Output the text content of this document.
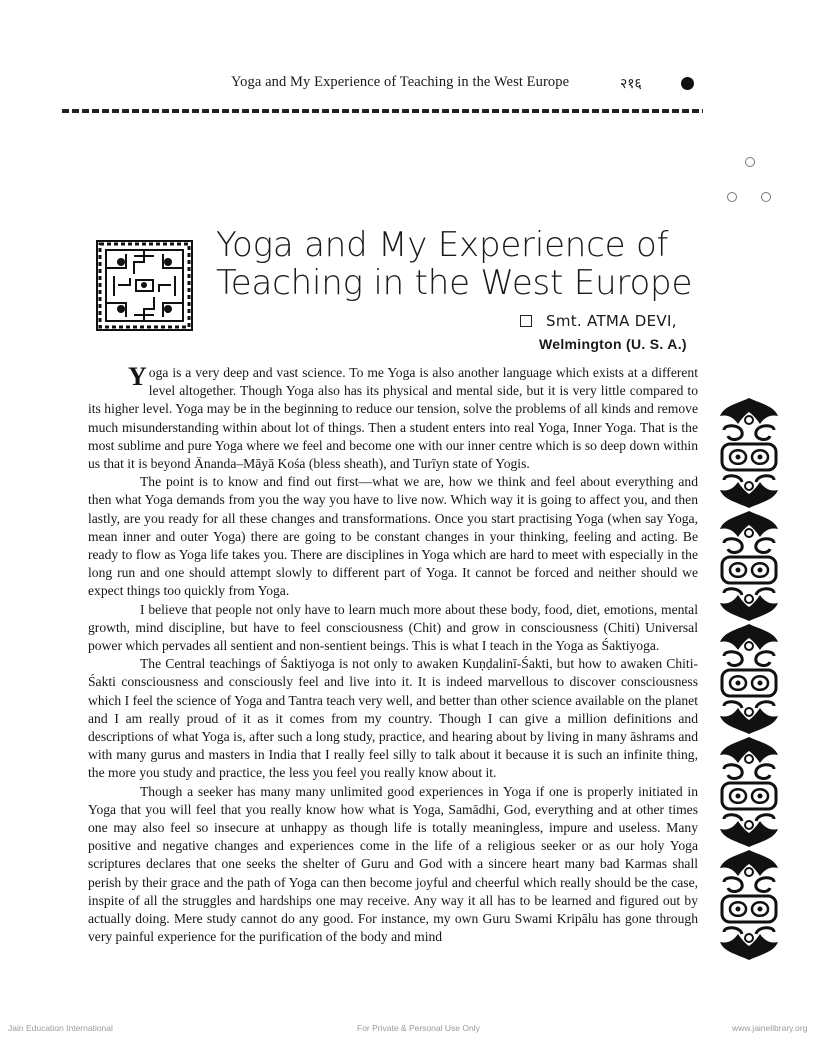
Yoga and My Experience of Teaching in the West Europe	२१६
Yoga and My Experience of
Teaching in the West Europe
Smt. ATMA DEVI,
Welmington (U. S. A.)

Yoga is a very deep and vast science. To me Yoga is also another language which exists at a different level altogether. Though Yoga also has its physical and mental side, but it is very little compared to its higher level. Yoga may be in the beginning to reduce our tension, solve the problems of all kinds and remove much misunderstanding within about lot of things. Then a student enters into real Yoga, Inner Yoga. That is the most sublime and pure Yoga where we feel and become one with our inner centre which is so deep down within us that it is beyond Ānanda–Māyā Kośa (bless sheath), and Turīyn state of Yogis.

The point is to know and find out first—what we are, how we think and feel about everything and then what Yoga demands from you the way you have to live now. Which way it is going to affect you, and then lastly, are you ready for all these changes and transformations. Once you start practising Yoga (when say Yoga, mean inner and outer Yoga) there are going to be constant changes in your thinking, feeling and acting. Be ready to flow as Yoga life takes you. There are disciplines in Yoga which are hard to meet with especially in the long run and one should attempt slowly to different part of Yoga. It cannot be forced and neither should we expect things too quickly from Yoga.

I believe that people not only have to learn much more about these body, food, diet, emotions, mental growth, mind discipline, but have to feel consciousness (Chit) and grow in consciousness (Chiti) Universal power which pervades all sentient and non-sentient beings. This is what I teach in the Yoga as Śaktiyoga.

The Central teachings of Śaktiyoga is not only to awaken Kuṇḍalinī-Śakti, but how to awaken Chiti-Śakti consciousness and consciously feel and live into it. It is indeed marvellous to discover consciousness which I feel the science of Yoga and Tantra teach very well, and better than other science available on the planet and I am really proud of it as it comes from my country. Though I can give a million definitions and descriptions of what Yoga is, after such a long study, practice, and hearing about by living in many āshrams and with many gurus and masters in India that I really feel silly to talk about it because it is such an infinite thing, the more you study and practice, the less you feel you really know about it.

Though a seeker has many many unlimited good experiences in Yoga if one is properly initiated in Yoga that you will feel that you really know how what is Yoga, Samādhi, God, everything and at other times one may also feel so insecure at unhappy as though life is totally meaningless, impure and useless. Many positive and negative changes and experiences come in the life of a religious seeker or as our holy Yoga scriptures declares that one seeks the shelter of Guru and God with a sincere heart many bad Karmas shall perish by their grace and the path of Yoga can then become joyful and cheerful which really should be the case, inspite of all the struggles and hardships one may receive. Any way it all has to be learned and figured out by actually doing. Mere study cannot do any good. For instance, my own Guru Swami Kripālu has gone through very painful experience for the purification of the body and mind

Jain Education International	For Private & Personal Use Only	www.jainelibrary.org
